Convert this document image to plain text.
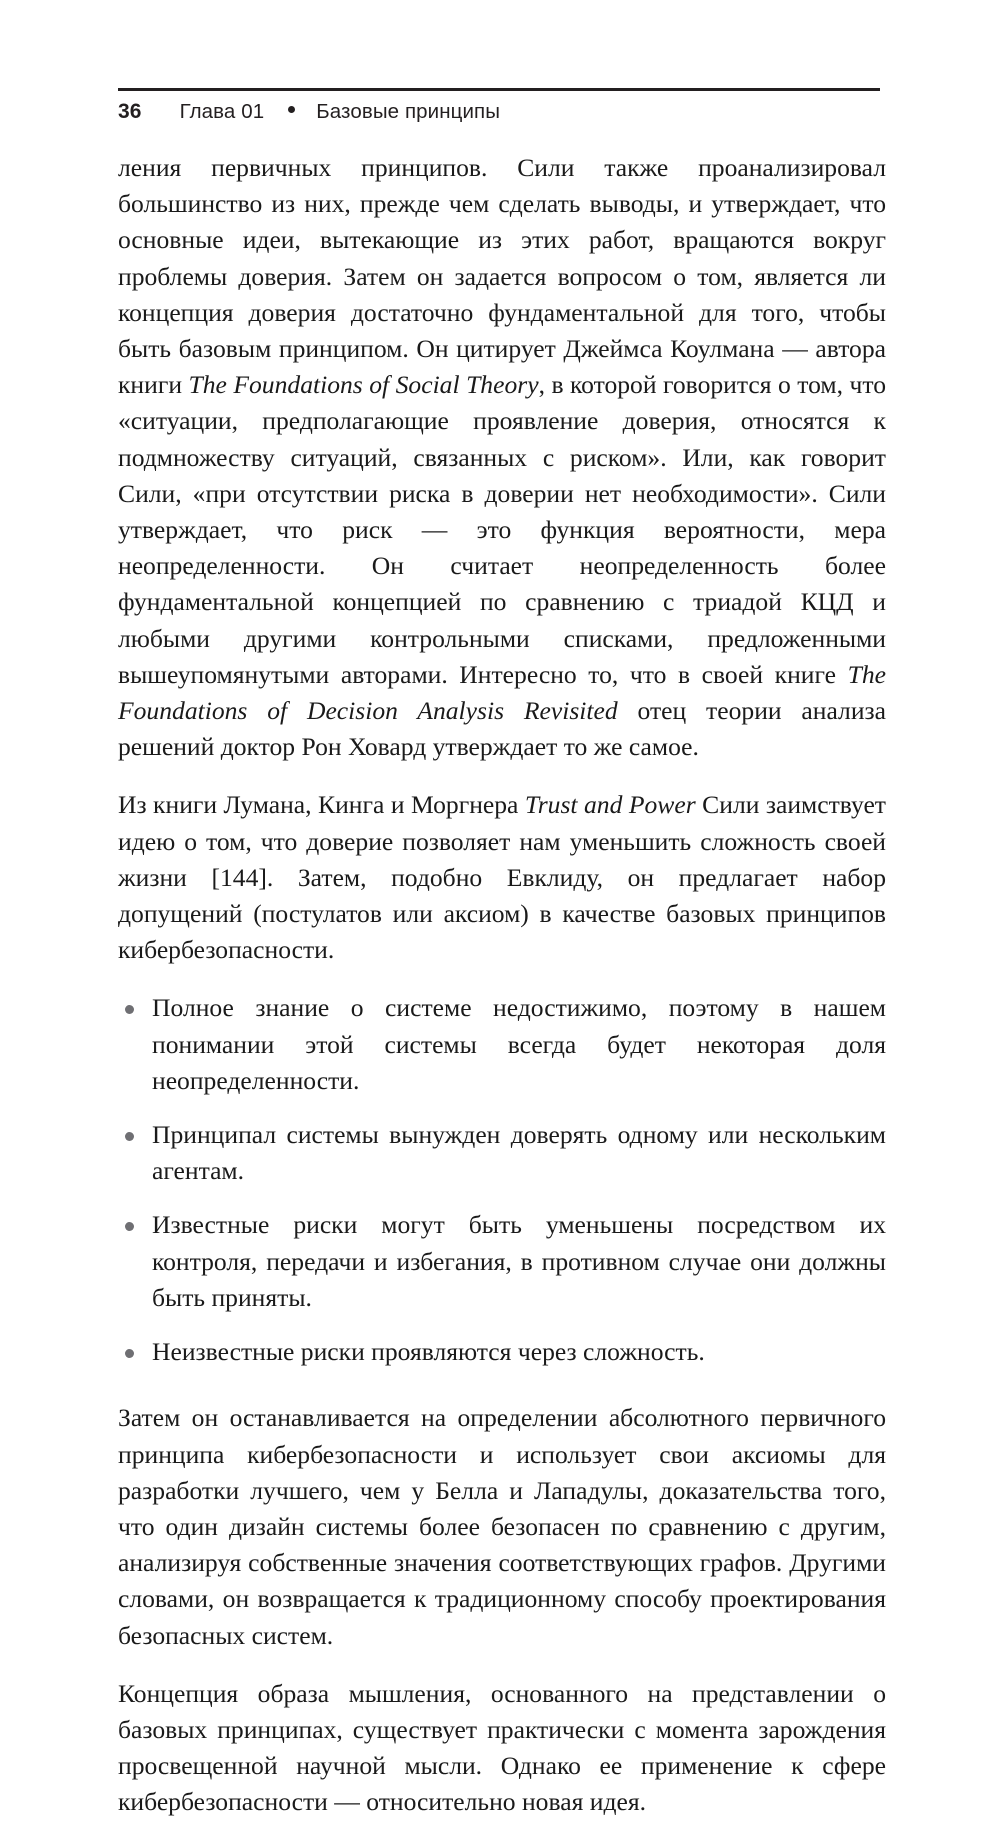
36 Глава 01	Базовые принципы

ления первичных принципов. Сили также проанализировал большинство из них, прежде чем сделать выводы, и утверждает, что основные идеи, вытекающие из этих работ, вращаются вокруг проблемы доверия. Затем он задается вопросом о том, является ли концепция доверия достаточно фундаментальной для того, чтобы быть базовым принципом. Он цитирует Джеймса Коулмана — автора книги The Foundations of Social Theory, в которой говорится о том, что «ситуации, предполагающие проявление доверия, относятся к подмножеству ситуаций, связанных с риском». Или, как говорит Сили, «при отсутствии риска в доверии нет необходимости». Сили утверждает, что риск — это функция вероятности, мера неопределенности. Он считает неопределенность более фундаментальной концепцией по сравнению с триадой КЦД и любыми другими контрольными списками, предложенными вышеупомянутыми авторами. Интересно то, что в своей книге The Foundations of Decision Analysis Revisited отец теории анализа решений доктор Рон Ховард утверждает то же самое.

Из книги Лумана, Кинга и Моргнера Trust and Power Сили заимствует идею о том, что доверие позволяет нам уменьшить сложность своей жизни [144]. Затем, подобно Евклиду, он предлагает набор допущений (постулатов или аксиом) в качестве базовых принципов кибербезопасности.

Полное знание о системе недостижимо, поэтому в нашем понимании этой системы всегда будет некоторая доля неопределенности.
Принципал системы вынужден доверять одному или нескольким агентам.
Известные риски могут быть уменьшены посредством их контроля, передачи и избегания, в противном случае они должны быть приняты.
Неизвестные риски проявляются через сложность.

Затем он останавливается на определении абсолютного первичного принципа кибербезопасности и использует свои аксиомы для разработки лучшего, чем у Белла и Лападулы, доказательства того, что один дизайн системы более безопасен по сравнению с другим, анализируя собственные значения соответствующих графов. Другими словами, он возвращается к традиционному способу проектирования безопасных систем.

Концепция образа мышления, основанного на представлении о базовых принципах, существует практически с момента зарождения просвещенной научной мысли. Однако ее применение к сфере кибербезопасности — относительно новая идея.
